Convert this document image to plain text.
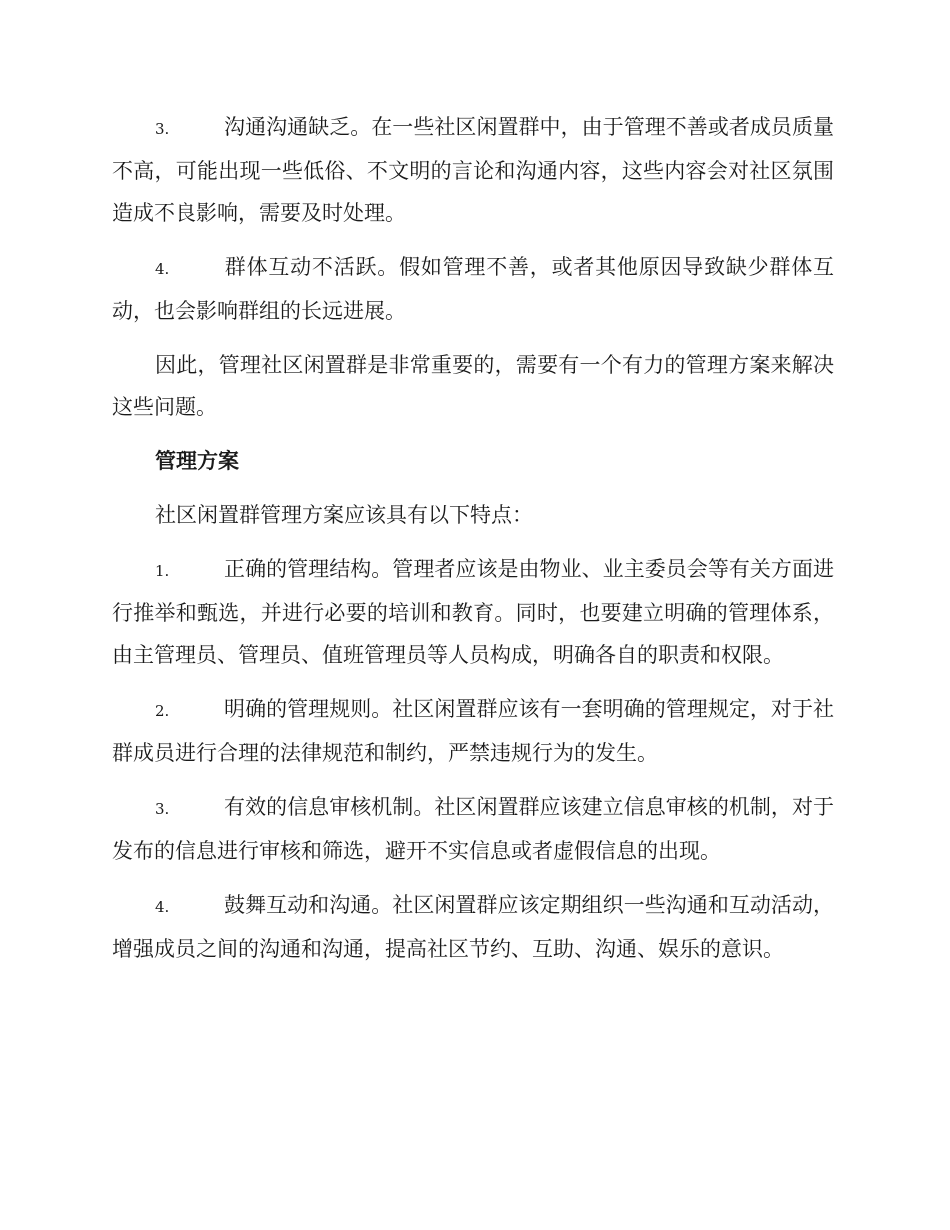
3.	沟通沟通缺乏。在一些社区闲置群中，由于管理不善或者成员质量不高，可能出现一些低俗、不文明的言论和沟通内容，这些内容会对社区氛围造成不良影响，需要及时处理。

4.	群体互动不活跃。假如管理不善，或者其他原因导致缺少群体互动，也会影响群组的长远进展。

因此，管理社区闲置群是非常重要的，需要有一个有力的管理方案来解决这些问题。

管理方案

社区闲置群管理方案应该具有以下特点：

1.	正确的管理结构。管理者应该是由物业、业主委员会等有关方面进行推举和甄选，并进行必要的培训和教育。同时，也要建立明确的管理体系，由主管理员、管理员、值班管理员等人员构成，明确各自的职责和权限。

2.	明确的管理规则。社区闲置群应该有一套明确的管理规定，对于社群成员进行合理的法律规范和制约，严禁违规行为的发生。

3.	有效的信息审核机制。社区闲置群应该建立信息审核的机制，对于发布的信息进行审核和筛选，避开不实信息或者虚假信息的出现。

4.	鼓舞互动和沟通。社区闲置群应该定期组织一些沟通和互动活动，增强成员之间的沟通和沟通，提高社区节约、互助、沟通、娱乐的意识。
